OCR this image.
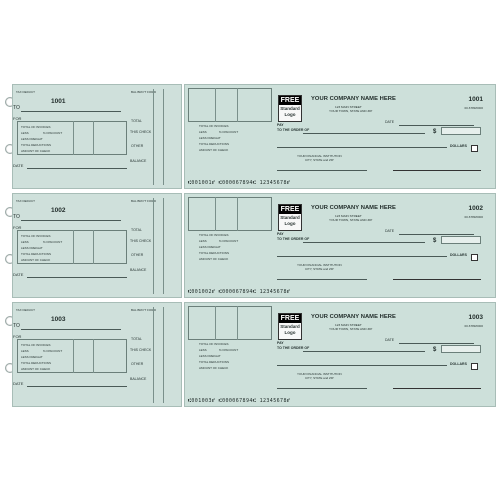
TAX DEDUCT
1001
BAL BRO'T FOR'D
TO
FOR
TOTAL OF INVOICES
LESS	% DISCOUNT
LESS FREIGHT
TOTAL DEDUCTIONS
AMOUNT OF CHECK
TOTAL
THIS CHECK
OTHER
BALANCE
DATE
TOTAL OF INVOICES
LESS	% DISCOUNT
LESS FREIGHT
TOTAL DEDUCTIONS
AMOUNT OF CHECK
FREE
Standard Logo
YOUR COMPANY NAME HERE
123 MAIN STREET
YOUR TOWN, STATE AND ZIP
1001
00-6789/0000
DATE
PAY
TO THE ORDER OF	$
DOLLARS
YOUR FINANCIAL INSTITUTION
CITY, STATE and ZIP
⑆001001⑈ ⑆000067894⑆ 12345678⑈
TAX DEDUCT
1002
BAL BRO'T FOR'D
TO
FOR
TOTAL OF INVOICES
LESS	% DISCOUNT
LESS FREIGHT
TOTAL DEDUCTIONS
AMOUNT OF CHECK
TOTAL
THIS CHECK
OTHER
BALANCE
DATE
TOTAL OF INVOICES
LESS	% DISCOUNT
LESS FREIGHT
TOTAL DEDUCTIONS
AMOUNT OF CHECK
FREE
Standard Logo
YOUR COMPANY NAME HERE
123 MAIN STREET
YOUR TOWN, STATE AND ZIP
1002
00-6789/0000
DATE
PAY
TO THE ORDER OF	$
DOLLARS
YOUR FINANCIAL INSTITUTION
CITY, STATE and ZIP
⑆001002⑈ ⑆000067894⑆ 12345678⑈
TAX DEDUCT
1003
BAL BRO'T FOR'D
TO
FOR
TOTAL OF INVOICES
LESS	% DISCOUNT
LESS FREIGHT
TOTAL DEDUCTIONS
AMOUNT OF CHECK
TOTAL
THIS CHECK
OTHER
BALANCE
DATE
TOTAL OF INVOICES
LESS	% DISCOUNT
LESS FREIGHT
TOTAL DEDUCTIONS
AMOUNT OF CHECK
FREE
Standard Logo
YOUR COMPANY NAME HERE
123 MAIN STREET
YOUR TOWN, STATE AND ZIP
1003
00-6789/0000
DATE
PAY
TO THE ORDER OF	$
DOLLARS
YOUR FINANCIAL INSTITUTION
CITY, STATE and ZIP
⑆001003⑈ ⑆000067894⑆ 12345678⑈
